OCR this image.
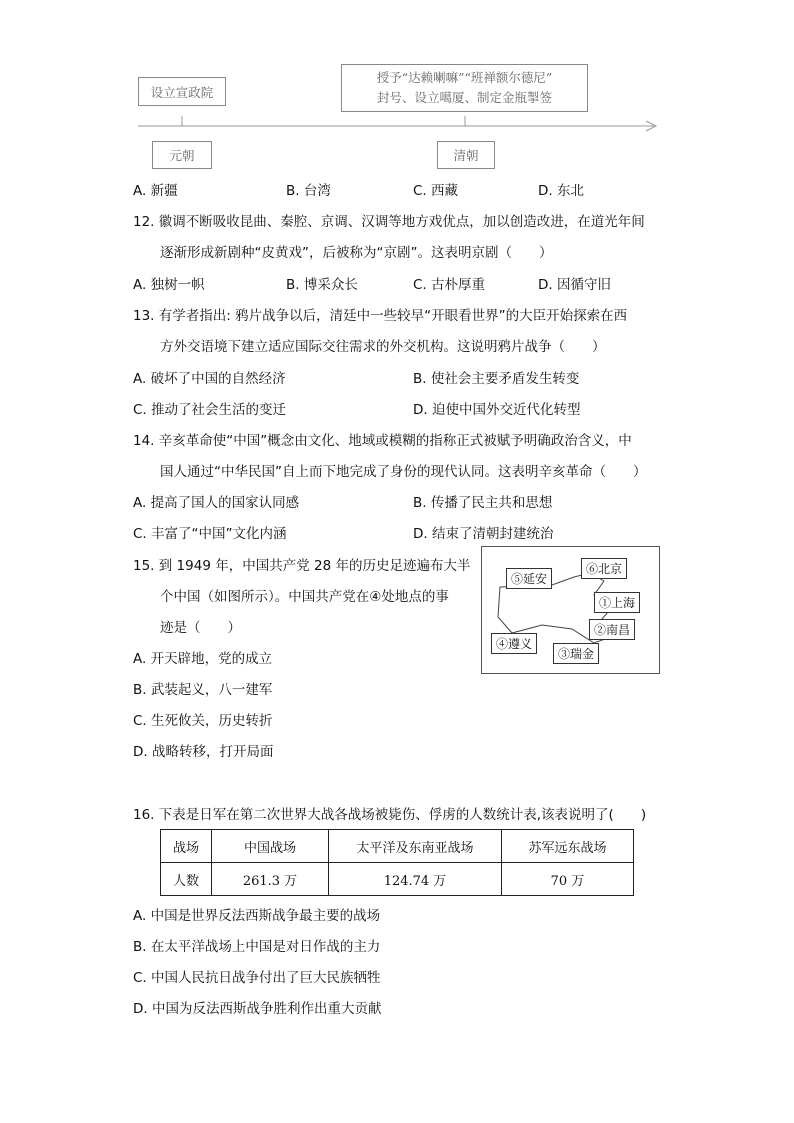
设立宣政院
授予“达赖喇嘛”“班禅额尔德尼”
封号、设立噶厦、制定金瓶掣签
元朝	清朝
A. 新疆	B. 台湾	C. 西藏	D. 东北
12. 徽调不断吸收昆曲、秦腔、京调、汉调等地方戏优点，加以创造改进，在道光年间
逐渐形成新剧种“皮黄戏”，后被称为“京剧”。这表明京剧（　　）
A. 独树一帜	B. 博采众长	C. 古朴厚重	D. 因循守旧
13. 有学者指出: 鸦片战争以后，清廷中一些较早“开眼看世界”的大臣开始探索在西
方外交语境下建立适应国际交往需求的外交机构。这说明鸦片战争（　　）
A. 破坏了中国的自然经济	B. 使社会主要矛盾发生转变
C. 推动了社会生活的变迁	D. 迫使中国外交近代化转型
14. 辛亥革命使“中国”概念由文化、地域或模糊的指称正式被赋予明确政治含义，中
国人通过“中华民国”自上而下地完成了身份的现代认同。这表明辛亥革命（　　）
A. 提高了国人的国家认同感	B. 传播了民主共和思想
C. 丰富了“中国”文化内涵	D. 结束了清朝封建统治
15. 到 1949 年，中国共产党 28 年的历史足迹遍布大半
个中国（如图所示）。中国共产党在④处地点的事
迹是（　　）
A. 开天辟地，党的成立
B. 武装起义，八一建军
C. 生死攸关，历史转折
D. 战略转移，打开局面
⑤延安
⑥北京
①上海
②南昌
④遵义
③瑞金
16. 下表是日军在第二次世界大战各战场被毙伤、俘虏的人数统计表,该表说明了(　　)
战场	中国战场	太平洋及东南亚战场	苏军远东战场
人数	261.3 万	124.74 万	70 万
A. 中国是世界反法西斯战争最主要的战场
B. 在太平洋战场上中国是对日作战的主力
C. 中国人民抗日战争付出了巨大民族牺牲
D. 中国为反法西斯战争胜利作出重大贡献
